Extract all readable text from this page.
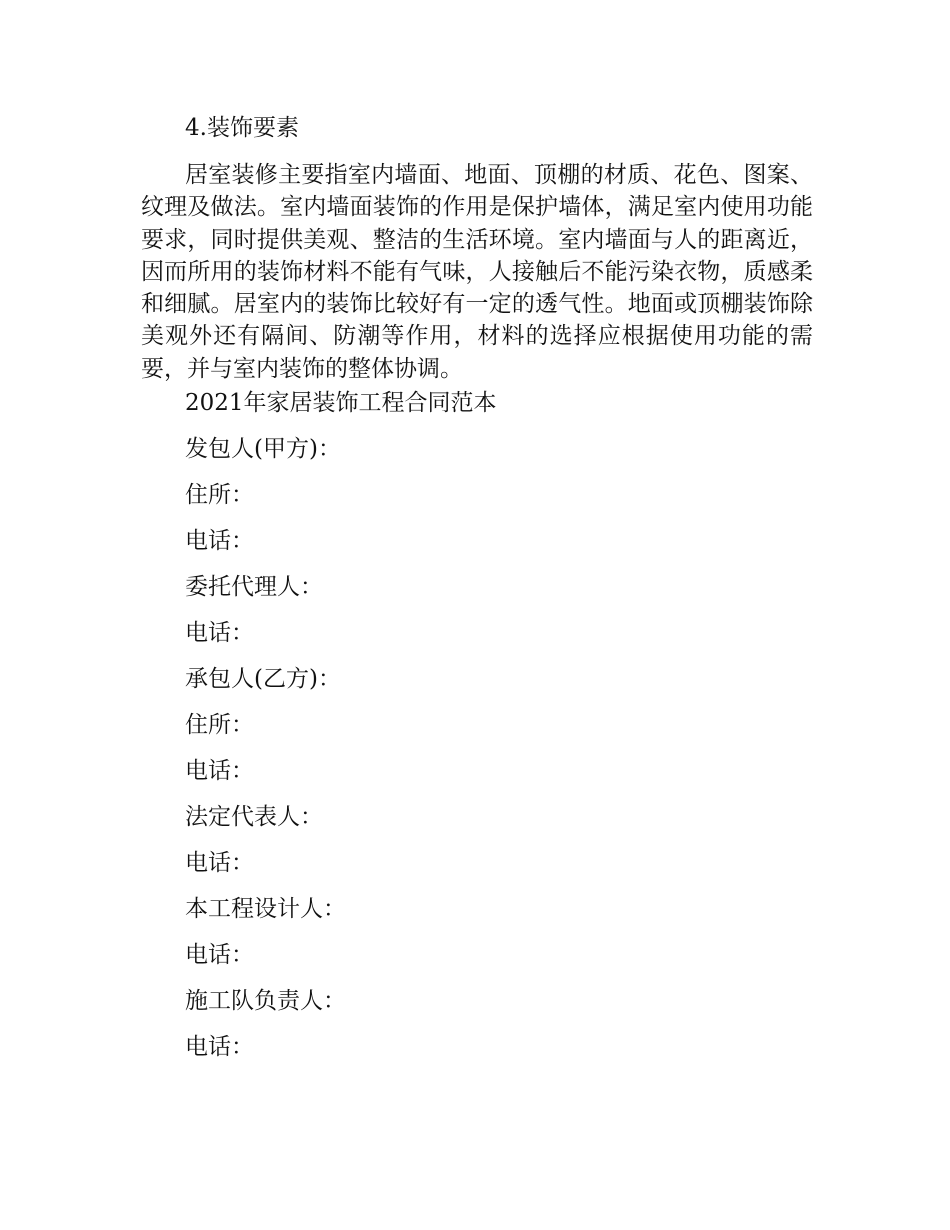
4.装饰要素

居室装修主要指室内墙面、地面、顶棚的材质、花色、图案、纹理及做法。室内墙面装饰的作用是保护墙体，满足室内使用功能要求，同时提供美观、整洁的生活环境。室内墙面与人的距离近，因而所用的装饰材料不能有气味，人接触后不能污染衣物，质感柔和细腻。居室内的装饰比较好有一定的透气性。地面或顶棚装饰除美观外还有隔间、防潮等作用，材料的选择应根据使用功能的需要，并与室内装饰的整体协调。

2021年家居装饰工程合同范本
发包人(甲方)：
住所：
电话：
委托代理人：
电话：
承包人(乙方)：
住所：
电话：
法定代表人：
电话：
本工程设计人：
电话：
施工队负责人：
电话：
